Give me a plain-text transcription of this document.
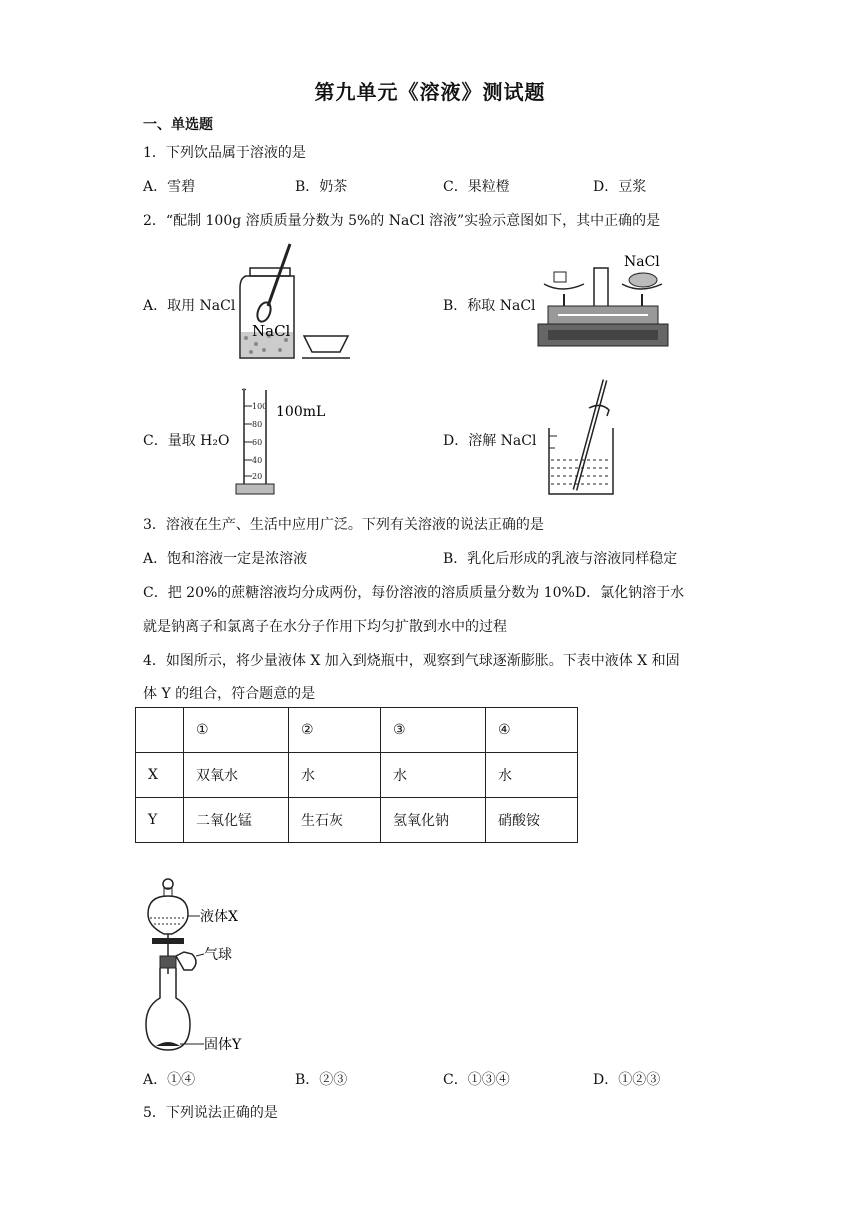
第九单元《溶液》测试题
一、单选题
1．下列饮品属于溶液的是
A．雪碧	B．奶茶	C．果粒橙	D．豆浆
2．“配制 100g 溶质质量分数为 5%的 NaCl 溶液”实验示意图如下，其中正确的是
A．取用 NaCl	B．称取 NaCl
C．量取 H₂O	D．溶解 NaCl
NaCl
NaCl
100
80
60
40
20
100mL
3．溶液在生产、生活中应用广泛。下列有关溶液的说法正确的是
A．饱和溶液一定是浓溶液	B．乳化后形成的乳液与溶液同样稳定
C．把 20%的蔗糖溶液均分成两份，每份溶液的溶质质量分数为 10%D．氯化钠溶于水
就是钠离子和氯离子在水分子作用下均匀扩散到水中的过程
4．如图所示，将少量液体 X 加入到烧瓶中，观察到气球逐渐膨胀。下表中液体 X 和固
体 Y 的组合，符合题意的是
	①	②	③	④
X	双氧水	水	水	水
Y	二氧化锰	生石灰	氢氧化钠	硝酸铵
液体X
气球
固体Y
A．①④	B．②③	C．①③④	D．①②③
5．下列说法正确的是
